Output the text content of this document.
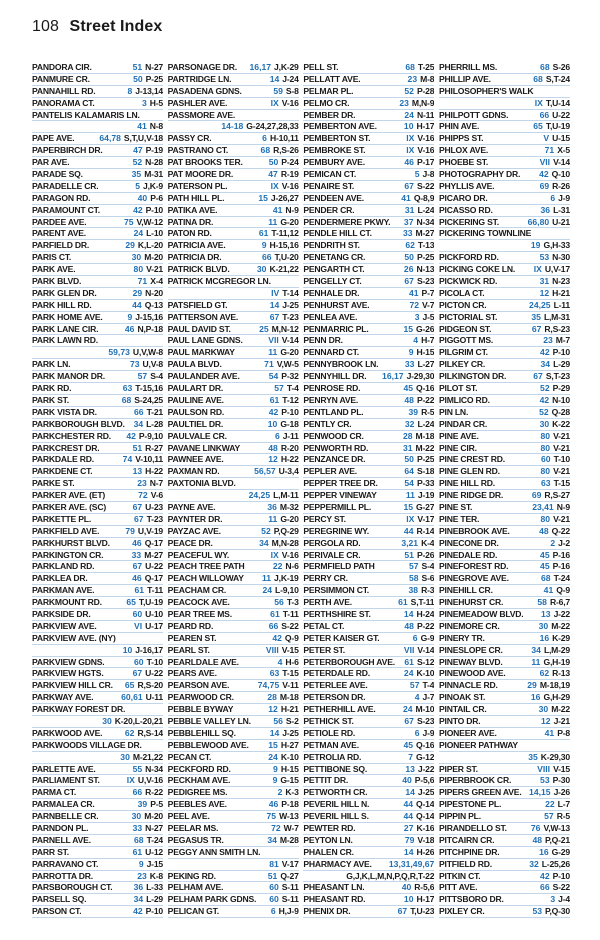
108 Street Index
PANDORA CIR.	51 N-27
PANMURE CR.	50 P-25
PANNAHILL RD.	8 J-13,14
PANORAMA CT.	3 H-5
PANTELIS KALAMARIS LN.
41 N-8
PAPE AVE.	64,78 S,T,U,V-18
PAPERBIRCH DR.	47 P-19
PAR AVE.	52 N-28
PARADE SQ.	35 M-31
PARADELLE CR.	5 J,K-9
PARAGON RD.	40 P-6
PARAMOUNT CT.	42 P-10
PARDEE AVE.	75 V,W-12
PARENT AVE.	24 L-10
PARFIELD DR.	29 K,L-20
PARIS CT.	30 M-20
PARK AVE.	80 V-21
PARK BLVD.	71 X-4
PARK GLEN DR.	29 N-20
PARK HILL RD.	44 Q-13
PARK HOME AVE.	9 J-15,16
PARK LANE CIR.	46 N,P-18
PARK LAWN RD.
59,73 U,V,W-8
PARK LN.	73 U,V-8
PARK MANOR DR.	57 S-4
PARK RD.	63 T-15,16
PARK ST.	68 S-24,25
PARK VISTA DR.	66 T-21
PARKBOROUGH BLVD. 34 L-28
PARKCHESTER RD. 42 P-9,10
PARKCREST DR.	51 R-27
PARKDALE RD.	74 V-10,11
PARKDENE CT.	13 H-22
PARKE ST.	23 N-7
PARKER AVE. (ET)	72 V-6
PARKER AVE. (SC)	67 U-23
PARKETTE PL.	67 T-23
PARKFIELD AVE.	79 U,V-19
PARKHURST BLVD.	46 Q-17
PARKINGTON CR.	33 M-27
PARKLAND RD.	67 U-22
PARKLEA DR.	46 Q-17
PARKMAN AVE.	61 T-11
PARKMOUNT RD.	65 T,U-19
PARKSIDE DR.	60 U-10
PARKVIEW AVE.	VI U-17
PARKVIEW AVE. (NY)
10 J-16,17
PARKVIEW GDNS.	60 T-10
PARKVIEW HGTS.	67 U-22
PARKVIEW HILL CR. 65 R,S-20
PARKWAY AVE.	60,61 U-11
PARKWAY FOREST DR.
30 K-20,L-20,21
PARKWOOD AVE.	62 R,S-14
PARKWOODS VILLAGE DR.
30 M-21,22
PARLETTE AVE.	55 N-34
PARLIAMENT ST.	IX U,V-16
PARMA CT.	66 R-22
PARMALEA CR.	39 P-5
PARNBELLE CR.	30 M-20
PARNDON PL.	33 N-27
PARNELL AVE.	68 T-24
PARR ST.	61 U-12
PARRAVANO CT.	9 J-15
PARROTTA DR.	23 K-8
PARSBOROUGH CT. 36 L-33
PARSELL SQ.	34 L-29
PARSON CT.	42 P-10
PARSONAGE DR. 16,17 J,K-29
PARTRIDGE LN.	14 J-24
PASADENA GDNS.	59 S-8
PASHLER AVE.	IX V-16
PASSMORE AVE.
14-18 G-24,27,28,33
PASSY CR.	6 H-10,11
PASTRANO CT.	68 R,S-26
PAT BROOKS TER.	50 P-24
PAT MOORE DR.	47 R-19
PATERSON PL.	IX V-16
PATH HILL PL.	15 J-26,27
PATIKA AVE.	41 N-9
PATINA DR.	11 G-20
PATON RD.	61 T-11,12
PATRICIA AVE.	9 H-15,16
PATRICIA DR.	66 T,U-20
PATRICK BLVD.	30 K-21,22
PATRICK MCGREGOR LN.
IV T-14
PATSFIELD GT.	14 J-25
PATTERSON AVE.	67 T-23
PAUL DAVID ST.	25 M,N-12
PAUL LANE GDNS.	VII V-14
PAUL MARKWAY	11 G-20
PAULA BLVD.	71 V,W-5
PAULANDER AVE.	54 P-32
PAULART DR.	57 T-4
PAULINE AVE.	61 T-12
PAULSON RD.	42 P-10
PAULTIEL DR.	10 G-18
PAULVALE CR.	6 J-11
PAVANE LINKWAY	48 R-20
PAWNEE AVE.	12 H-22
PAXMAN RD.	56,57 U-3,4
PAXTONIA BLVD.
24,25 L,M-11
PAYNE AVE.	36 M-32
PAYNTER DR.	11 G-20
PAYZAC AVE.	52 P,Q-29
PEACE DR.	34 M,N-28
PEACEFUL WY.	IX V-16
PEACH TREE PATH	22 N-6
PEACH WILLOWAY 11 J,K-19
PEACHAM CR.	24 L-9,10
PEACOCK AVE.	56 T-3
PEAR TREE MS.	61 T-11
PEARD RD.	66 S-22
PEAREN ST.	42 Q-9
PEARL ST.	VIII V-15
PEARLDALE AVE.	4 H-6
PEARS AVE.	63 T-15
PEARSON AVE.	74,75 V-11
PEARWOOD CR.	28 M-18
PEBBLE BYWAY	12 H-21
PEBBLE VALLEY LN.	56 S-2
PEBBLEHILL SQ.	14 J-25
PEBBLEWOOD AVE. 15 H-27
PECAN CT.	24 K-10
PECKFORD RD.	9 H-15
PECKHAM AVE.	9 G-15
PEDIGREE MS.	2 K-3
PEEBLES AVE.	46 P-18
PEEL AVE.	75 W-13
PEELAR MS.	72 W-7
PEGASUS TR.	34 M-28
PEGGY ANN SMITH LN.
81 V-17
PEKING RD.	51 Q-27
PELHAM AVE.	60 S-11
PELHAM PARK GDNS. 60 S-11
PELICAN GT.	6 H,J-9
PELL ST.	68 T-25
PELLATT AVE.	23 M-8
PELMAR PL.	52 P-28
PELMO CR.	23 M,N-9
PEMBER DR.	24 N-11
PEMBERTON AVE.	10 H-17
PEMBERTON ST.	IX V-16
PEMBROKE ST.	IX V-16
PEMBURY AVE.	46 P-17
PEMICAN CT.	5 J-8
PENAIRE ST.	67 S-22
PENDEEN AVE.	41 Q-8,9
PENDER CR.	31 L-24
PENDERMERE PKWY. 37 N-34
PENDLE HILL CT.	33 M-27
PENDRITH ST.	62 T-13
PENETANG CR.	50 P-25
PENGARTH CT.	26 N-13
PENGELLY CT.	67 S-23
PENHALE DR.	41 P-7
PENHURST AVE.	72 V-7
PENLEA AVE.	3 J-5
PENMARRIC PL.	15 G-26
PENN DR.	4 H-7
PENNARD CT.	9 H-15
PENNYBROOK LN.	33 L-27
PENNYHILL DR. 16,17 J-29,30
PENROSE RD.	45 Q-16
PENRYN AVE.	48 P-22
PENTLAND PL.	39 R-5
PENTLY CR.	32 L-24
PENWOOD CR.	28 M-18
PENWORTH RD.	31 M-22
PENZANCE DR.	50 P-25
PEPLER AVE.	64 S-18
PEPPER TREE DR.	54 P-33
PEPPER VINEWAY	11 J-19
PEPPERMILL PL.	15 G-27
PERCY ST.	IX V-17
PEREGRINE WY.	44 R-14
PERGOLA RD.	3,21 K-4
PERIVALE CR.	51 P-26
PERMFIELD PATH	57 S-4
PERRY CR.	58 S-6
PERSIMMON CT.	38 R-3
PERTH AVE.	61 S,T-11
PERTHSHIRE ST.	14 H-24
PETAL CT.	48 P-22
PETER KAISER GT.	6 G-9
PETER ST.	VII V-14
PETERBOROUGH AVE. 61 S-12
PETERDALE RD.	24 K-10
PETERLEE AVE.	57 T-4
PETERSON DR.	4 J-7
PETHERHILL AVE.	24 M-10
PETHICK ST.	67 S-23
PETIOLE RD.	6 J-9
PETMAN AVE.	45 Q-16
PETROLIA RD.	7 G-12
PETTIBONE SQ.	13 J-22
PETTIT DR.	40 P-5,6
PETWORTH CR.	14 J-25
PEVERIL HILL N.	44 Q-14
PEVERIL HILL S.	44 Q-14
PEWTER RD.	27 K-16
PEYTON LN.	79 V-18
PHALEN CR.	14 H-26
PHARMACY AVE. 13,31,49,67
G,J,K,L,M,N,P,Q,R,T-22
PHEASANT LN.	40 R-5,6
PHEASANT RD.	10 H-17
PHENIX DR.	67 T,U-23
PHERRILL MS.	68 S-26
PHILLIP AVE.	68 S,T-24
PHILOSOPHER'S WALK
IX T,U-14
PHILPOTT GDNS.	66 U-22
PHIN AVE.	65 T,U-19
PHIPPS ST.	V U-15
PHLOX AVE.	71 X-5
PHOEBE ST.	VII V-14
PHOTOGRAPHY DR. 42 Q-10
PHYLLIS AVE.	69 R-26
PICARO DR.	6 J-9
PICASSO RD.	36 L-31
PICKERING ST.	66,80 U-21
PICKERING TOWNLINE
19 G,H-33
PICKFORD RD.	53 N-30
PICKING COKE LN. IX U,V-17
PICKWICK RD.	31 N-23
PICOLA CT.	12 H-21
PICTON CR.	24,25 L-11
PICTORIAL ST.	35 L,M-31
PIDGEON ST.	67 R,S-23
PIGGOTT MS.	23 M-7
PILGRIM CT.	42 P-10
PILKEY CR.	34 L-29
PILKINGTON DR.	67 S,T-23
PILOT ST.	52 P-29
PIMLICO RD.	42 N-10
PIN LN.	52 Q-28
PINDAR CR.	30 K-22
PINE AVE.	80 V-21
PINE CIR.	80 V-21
PINE CREST RD.	60 T-10
PINE GLEN RD.	80 V-21
PINE HILL RD.	63 T-15
PINE RIDGE DR.	69 R,S-27
PINE ST.	23,41 N-9
PINE TER.	80 V-21
PINEBROOK AVE.	48 Q-22
PINECONE DR.	2 J-2
PINEDALE RD.	45 P-16
PINEFOREST RD.	45 P-16
PINEGROVE AVE.	68 T-24
PINEHILL CR.	41 Q-9
PINEHURST CR.	58 R-6,7
PINEMEADOW BLVD. 13 J-22
PINEMORE CR.	30 M-22
PINERY TR.	16 K-29
PINESLOPE CR.	34 L,M-29
PINEWAY BLVD.	11 G,H-19
PINEWOOD AVE.	62 R-13
PINNACLE RD.	29 M-18,19
PINOAK ST.	16 G,H-29
PINTAIL CR.	30 M-22
PINTO DR.	12 J-21
PIONEER AVE.	41 P-8
PIONEER PATHWAY
35 K-29,30
PIPER ST.	VIII V-15
PIPERBROOK CR.	53 P-30
PIPERS GREEN AVE. 14,15 J-26
PIPESTONE PL.	22 L-7
PIPPIN PL.	57 R-5
PIRANDELLO ST.	76 V,W-13
PITCAIRN CR.	48 P,Q-21
PITCHPINE DR.	16 G-29
PITFIELD RD.	32 L-25,26
PITKIN CT.	42 P-10
PITT AVE.	66 S-22
PITTSBORO DR.	3 J-4
PIXLEY CR.	53 P,Q-30
